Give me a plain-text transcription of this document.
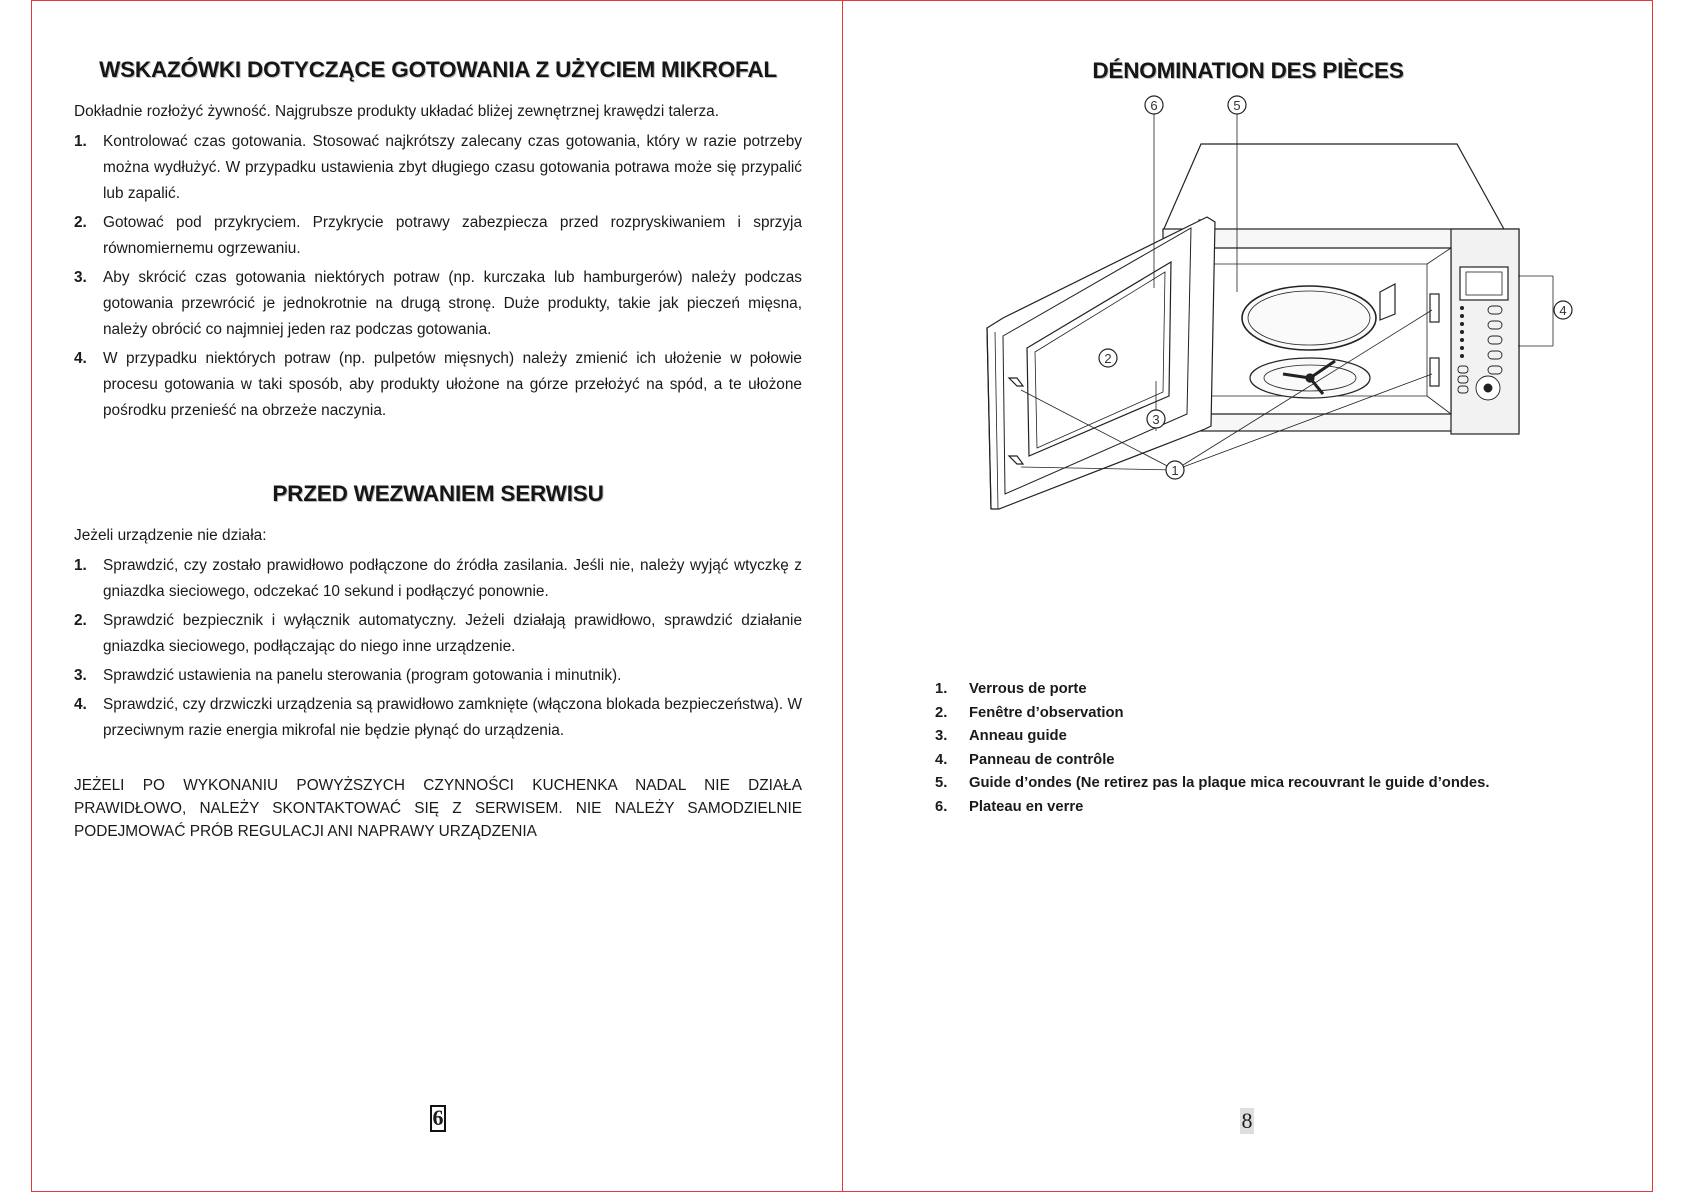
WSKAZÓWKI DOTYCZĄCE GOTOWANIA Z UŻYCIEM MIKROFAL

Dokładnie rozłożyć żywność. Najgrubsze produkty układać bliżej zewnętrznej krawędzi talerza.

1. Kontrolować czas gotowania. Stosować najkrótszy zalecany czas gotowania, który w razie potrzeby można wydłużyć. W przypadku ustawienia zbyt długiego czasu gotowania potrawa może się przypalić lub zapalić.
2. Gotować pod przykryciem. Przykrycie potrawy zabezpiecza przed rozpryskiwaniem i sprzyja równomiernemu ogrzewaniu.
3. Aby skrócić czas gotowania niektórych potraw (np. kurczaka lub hamburgerów) należy podczas gotowania przewrócić je jednokrotnie na drugą stronę. Duże produkty, takie jak pieczeń mięsna, należy obrócić co najmniej jeden raz podczas gotowania.
4. W przypadku niektórych potraw (np. pulpetów mięsnych) należy zmienić ich ułożenie w połowie procesu gotowania w taki sposób, aby produkty ułożone na górze przełożyć na spód, a te ułożone pośrodku przenieść na obrzeże naczynia.
PRZED WEZWANIEM SERWISU

Jeżeli urządzenie nie działa:

1. Sprawdzić, czy zostało prawidłowo podłączone do źródła zasilania. Jeśli nie, należy wyjąć wtyczkę z gniazdka sieciowego, odczekać 10 sekund i podłączyć ponownie.
2. Sprawdzić bezpiecznik i wyłącznik automatyczny. Jeżeli działają prawidłowo, sprawdzić działanie gniazdka sieciowego, podłączając do niego inne urządzenie.
3. Sprawdzić ustawienia na panelu sterowania (program gotowania i minutnik).
4. Sprawdzić, czy drzwiczki urządzenia są prawidłowo zamknięte (włączona blokada bezpieczeństwa). W przeciwnym razie energia mikrofal nie będzie płynąć do urządzenia.

JEŻELI PO WYKONANIU POWYŻSZYCH CZYNNOŚCI KUCHENKA NADAL NIE DZIAŁA PRAWIDŁOWO, NALEŻY SKONTAKTOWAĆ SIĘ Z SERWISEM. NIE NALEŻY SAMODZIELNIE PODEJMOWAĆ PRÓB REGULACJI ANI NAPRAWY URZĄDZENIA

6
DÉNOMINATION DES PIÈCES
6	5
4
2
3
1
1. Verrous de porte
2. Fenêtre d’observation
3. Anneau guide
4. Panneau de contrôle
5. Guide d’ondes (Ne retirez pas la plaque mica recouvrant le guide d’ondes.
6. Plateau en verre
8
